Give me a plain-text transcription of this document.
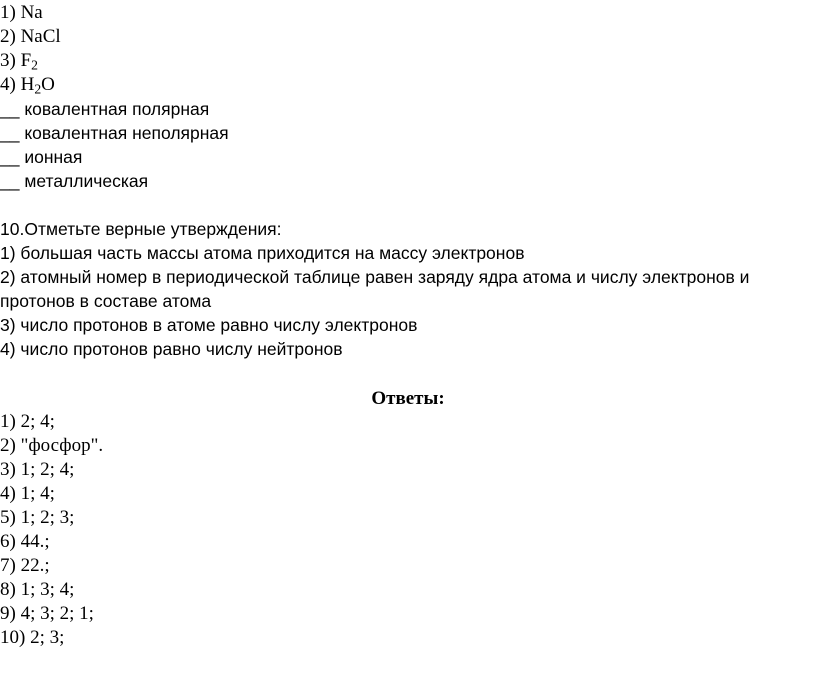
1) Na
2) NaCl
3) $F_2$
4) $H_2O$
__ ковалентная полярная
__ ковалентная неполярная
__ ионная
__ металлическая
10.Отметьте верные утверждения:
1) большая часть массы атома приходится на массу электронов
2) атомный номер в периодической таблице равен заряду ядра атома и числу электронов и
протонов в составе атома
3) число протонов в атоме равно числу электронов
4) число протонов равно числу нейтронов
Ответы:
1) 2; 4;
2) "фосфор".
3) 1; 2; 4;
4) 1; 4;
5) 1; 2; 3;
6) 44.;
7) 22.;
8) 1; 3; 4;
9) 4; 3; 2; 1;
10) 2; 3;
